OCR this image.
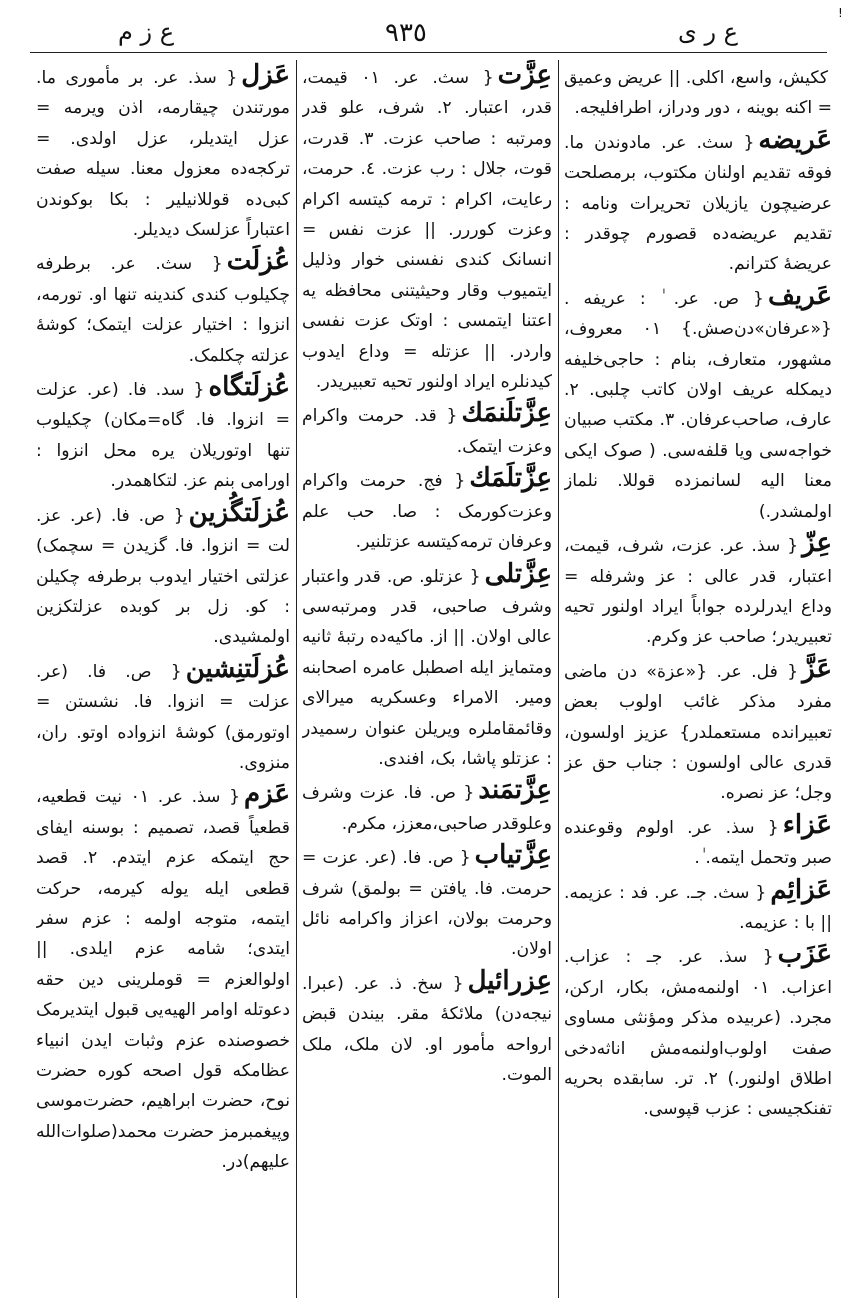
!
ع ز م	٩٣٥	ع ر ى
ککیش، واسع، اکلی. || عریض وعمیق = اکنه بوینه ، دور ودراز، اطرافلیجه.
عَریضه{ سث. عر. مادوندن ما. فوقه تقدیم اولنان مکتوب، برمصلحت عرضیچون یازیلان تحریرات ونامه : تقدیم عریضه‌ده قصورم چوقدر : عریضهٔ کترانم.
عَریف{ ص. عر. ٰ : عریفه . {«عرفان»دن‌صش.} ۰۱ معروف، مشهور، متعارف، بنام : حاجی‌خلیفه دیمکله عریف اولان کاتب چلبی. ۲. عارف، صاحب‌عرفان. ۳. مکتب صبیان خواجه‌سی ویا قلفه‌سی. ( صوک ایکی معنا الیه لسانمزده قوللا. نلماز اولمشدر.)
عِزّ{ سذ. عر. عزت، شرف، قیمت، اعتبار، قدر عالی : عز وشرفله = وداع ایدرلرده جواباً ایراد اولنور تحیه تعبیریدر؛ صاحب عز وکرم.
عَزَّ{ فل. عر. {«عزة» دن ماضی مفرد مذکر غائب اولوب بعض تعبیرانده مستعملدر} عزیز اولسون، قدری عالی اولسون : جناب حق عز وجل؛ عز نصره.
عَزاء{ سذ. عر. اولوم وقوعنده صبر وتحمل ایتمه. ٰ.
عَزائِم{ سث. جـ. عر. فد : عزیمه. || با : عزیمه.
عَزَب{ سذ. عر. جـ : عزاب. اعزاب. ۰۱ اولنمه‌مش، بکار، ارکن، مجرد. (عربیده مذکر ومؤنثی مساوی صفت اولوب‌اولنمه‌مش اناثه‌دخی اطلاق اولنور.) ۲. تر. سابقده بحریه تفنکجیسی : عزب قپوسی.
عِزَّت{ سث. عر. ۰۱ قیمت، قدر، اعتبار. ۲. شرف، علو قدر ومرتبه : صاحب عزت. ۳. قدرت، قوت، جلال : رب عزت. ٤. حرمت، رعایت، اکرام : ترمه کیتسه اکرام وعزت کوررر. || عزت نفس = انسانک کندی نفسنی خوار وذلیل ایتمیوب وقار وحیثیتنی محافظه یه اعتنا ایتمسی : اوتک عزت نفسی واردر. || عزتله = وداع ایدوب کیدنلره ایراد اولنور تحیه تعبیریدر.
عِزَّتلَنمَك{ قد. حرمت واکرام وعزت ایتمک.
عِزَّتلَمَك{ فج. حرمت واکرام وعزت‌کورمک : صا. حب علم وعرفان ترمه‌کیتسه عزتلنیر.
عِزَّتلی{ عزتلو. ص. قدر واعتبار وشرف صاحبی، قدر ومرتبه‌سی عالی اولان. || از. ماکیه‌ده رتبهٔ ثانیه ومتمایز ایله اصطبل عامره اصحابنه ومیر. الامراء وعسکریه میرالای وقائمقاملره ویریلن عنوان رسمیدر : عزتلو پاشا، بک، افندی.
عِزَّتمَند{ ص. فا. عزت وشرف وعلوقدر صاحبی،معزز، مکرم.
عِزَّتیاب{ ص. فا. (عر. عزت = حرمت. فا. یافتن = بولمق) شرف وحرمت بولان، اعزاز واکرامه نائل اولان.
عِزرائیل{ سخ. ذ. عر. (عبرا. نیجه‌دن) ملائکهٔ مقر. بیندن قبض ارواحه مأمور او. لان ملک، ملک الموت.
عَزل{ سذ. عر. بر مأموری ما. مورتندن چیقارمه، اذن ویرمه = عزل ایتدیلر، عزل اولدی. = ترکجه‌ده معزول معنا. سیله صفت کبی‌ده قوللانیلیر : بکا بوکوندن اعتباراً عزلسک دیدیلر.
عُزلَت{ سث. عر. برطرفه چکیلوب کندی کندینه تنها او. تورمه، انزوا : اختیار عزلت ایتمک؛ کوشهٔ عزلته چکلمک.
عُزلَتگاه{ سد. فا. (عر. عزلت = انزوا. فا. گاه=مکان) چکیلوب تنها اوتوریلان یره محل انزوا : اورامی بنم عز. لتکاهمدر.
عُزلَتگُزین{ ص. فا. (عر. عز. لت = انزوا. فا. گزیدن = سچمک) عزلتی اختیار ایدوب برطرفه چکیلن : کو. زل بر کوبده عزلتکزین اولمشیدی.
عُزلَتنِشین{ ص. فا. (عر. عزلت = انزوا. فا. نشستن = اوتورمق) کوشهٔ انزواده اوتو. ران، منزوی.
عَزم{ سذ. عر. ۰۱ نیت قطعیه، قطعیاً قصد، تصمیم : بوسنه ایفای حج ایتمکه عزم ایتدم. ۲. قصد قطعی ایله یوله کیرمه، حرکت ایتمه، متوجه اولمه : عزم سفر ایتدی؛ شامه عزم ایلدی. || اولوالعزم = قوملرینی دین حقه دعوتله اوامر الهیه‌یی قبول ایتدیرمک خصوصنده عزم وثبات ایدن انبیاء عظامکه قول اصحه کوره حضرت نوح، حضرت ابراهیم، حضرت‌موسی وپیغمبرمز حضرت محمد(صلوات‌الله علیهم)در.
